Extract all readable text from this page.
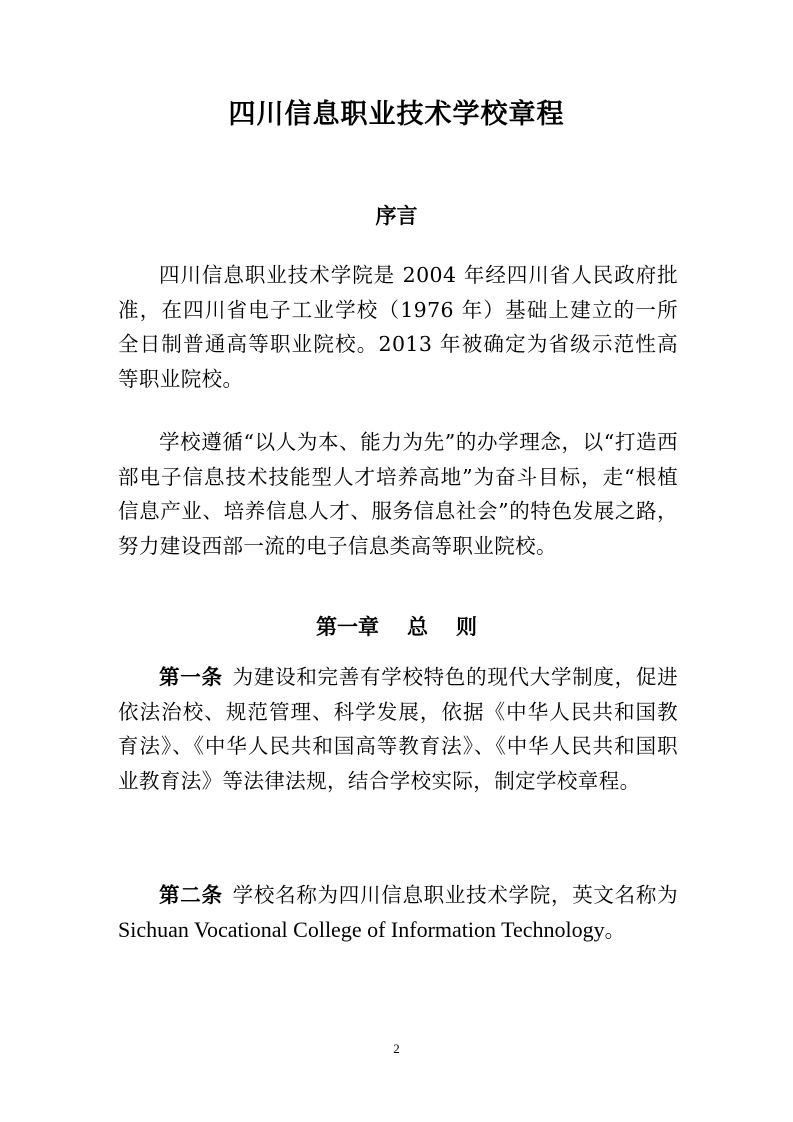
四川信息职业技术学校章程
序言

四川信息职业技术学院是 2004 年经四川省人民政府批准，在四川省电子工业学校（1976 年）基础上建立的一所全日制普通高等职业院校。2013 年被确定为省级示范性高等职业院校。

学校遵循“以人为本、能力为先”的办学理念，以“打造西部电子信息技术技能型人才培养高地”为奋斗目标，走“根植信息产业、培养信息人才、服务信息社会”的特色发展之路，努力建设西部一流的电子信息类高等职业院校。

第一章 总 则

第一条 为建设和完善有学校特色的现代大学制度，促进依法治校、规范管理、科学发展，依据《中华人民共和国教育法》、《中华人民共和国高等教育法》、《中华人民共和国职业教育法》等法律法规，结合学校实际，制定学校章程。

第二条 学校名称为四川信息职业技术学院，英文名称为 Sichuan Vocational College of Information Technology。

2
